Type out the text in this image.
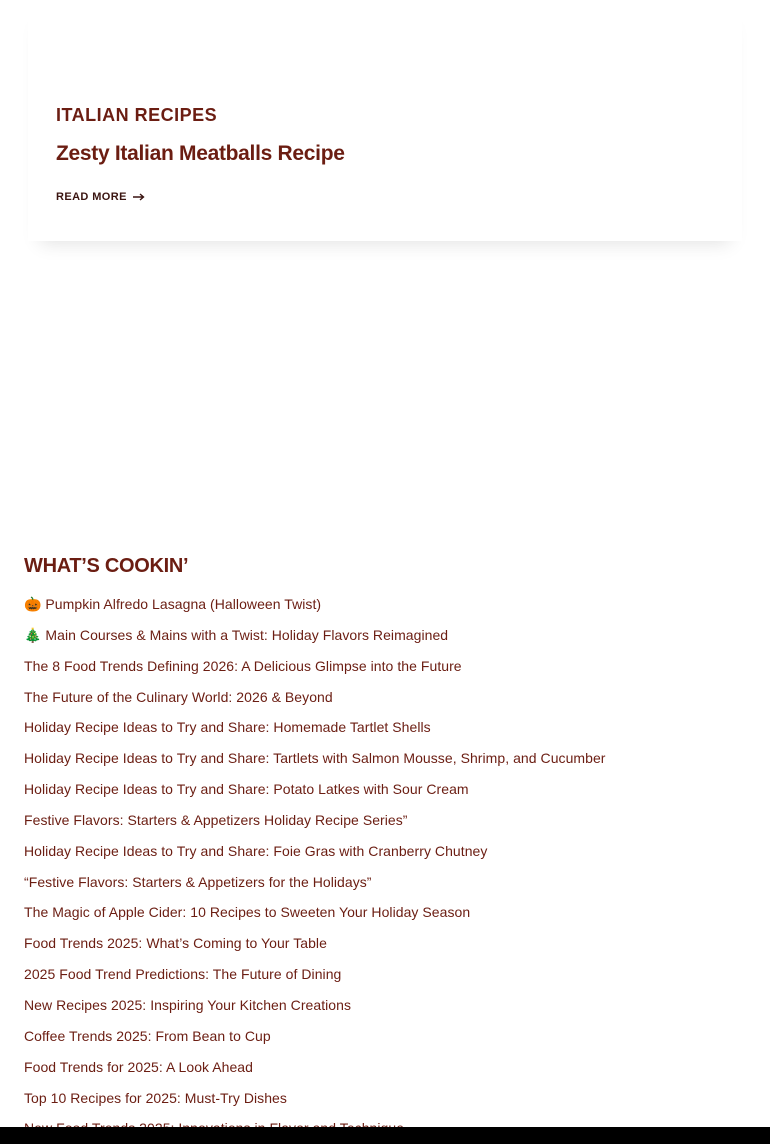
ITALIAN RECIPES
Zesty Italian Meatballs Recipe
READ MORE
WHAT’S COOKIN’
🎃 Pumpkin Alfredo Lasagna (Halloween Twist)
🎄 Main Courses & Mains with a Twist: Holiday Flavors Reimagined
The 8 Food Trends Defining 2026: A Delicious Glimpse into the Future
The Future of the Culinary World: 2026 & Beyond
Holiday Recipe Ideas to Try and Share: Homemade Tartlet Shells
Holiday Recipe Ideas to Try and Share: Tartlets with Salmon Mousse, Shrimp, and Cucumber
Holiday Recipe Ideas to Try and Share: Potato Latkes with Sour Cream
Festive Flavors: Starters & Appetizers Holiday Recipe Series”
Holiday Recipe Ideas to Try and Share: Foie Gras with Cranberry Chutney
“Festive Flavors: Starters & Appetizers for the Holidays”
The Magic of Apple Cider: 10 Recipes to Sweeten Your Holiday Season
Food Trends 2025: What’s Coming to Your Table
2025 Food Trend Predictions: The Future of Dining
New Recipes 2025: Inspiring Your Kitchen Creations
Coffee Trends 2025: From Bean to Cup
Food Trends for 2025: A Look Ahead
Top 10 Recipes for 2025: Must-Try Dishes
